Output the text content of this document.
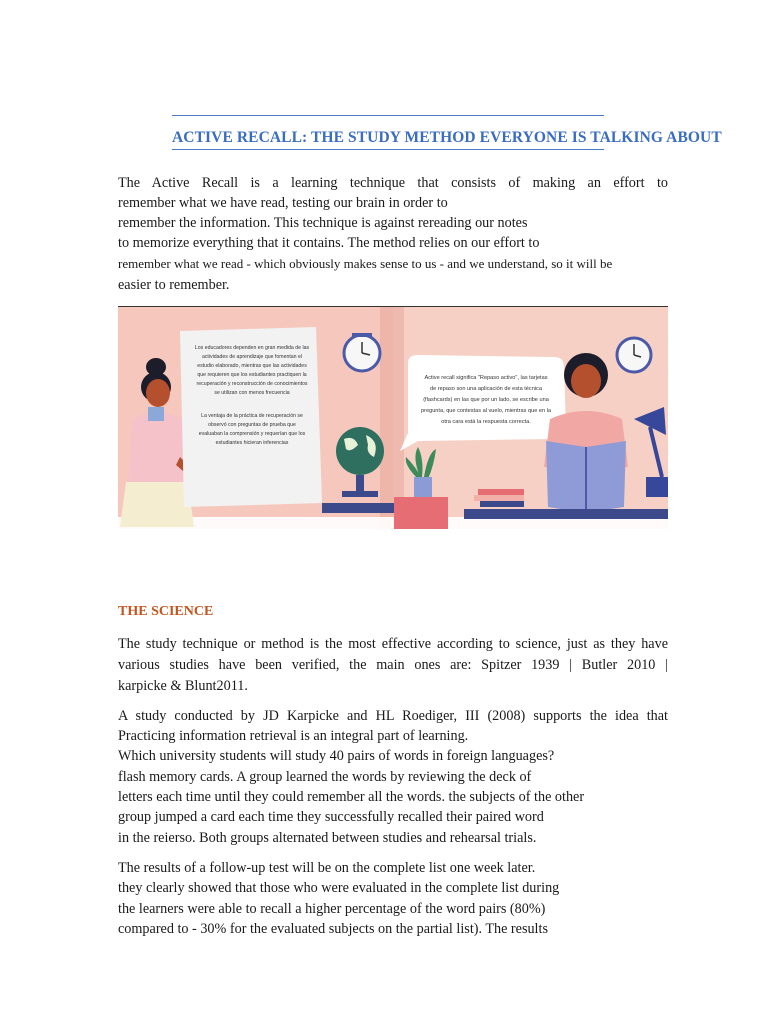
ACTIVE RECALL: THE STUDY METHOD EVERYONE IS TALKING ABOUT
The Active Recall is a learning technique that consists of making an effort to
remember what we have read, testing our brain in order to
remember the information. This technique is against rereading our notes
to memorize everything that it contains. The method relies on our effort to
remember what we read - which obviously makes sense to us - and we understand, so it will be
easier to remember.
Los educadores dependen en gran medida de las
actividades de aprendizaje que fomentan el
estudio elaborado, mientras que las actividades
que requieren que los estudiantes practiquen la
recuperación y reconstrucción de conocimientos
se utilizan con menos frecuencia
La ventaja de la práctica de recuperación se
observó con preguntas de prueba que
evaluaban la comprensión y requerían que los
estudiantes hicieran inferencias
Active recall significa "Repaso activo", las tarjetas
de repaso son una aplicación de esta técnica
(flashcards) en las que por un lado, se escribe una
pregunta, que contestas al vuelo, mientras que en la
otra cara está la respuesta correcta.
THE SCIENCE
The study technique or method is the most effective according to science, just as they have
various studies have been verified, the main ones are: Spitzer 1939 | Butler 2010 |
karpicke & Blunt2011.
A study conducted by JD Karpicke and HL Roediger, III (2008) supports the idea that
Practicing information retrieval is an integral part of learning.
Which university students will study 40 pairs of words in foreign languages?
flash memory cards. A group learned the words by reviewing the deck of
letters each time until they could remember all the words. the subjects of the other
group jumped a card each time they successfully recalled their paired word
in the reierso. Both groups alternated between studies and rehearsal trials.
The results of a follow-up test will be on the complete list one week later.
they clearly showed that those who were evaluated in the complete list during
the learners were able to recall a higher percentage of the word pairs (80%)
compared to - 30% for the evaluated subjects on the partial list). The results
